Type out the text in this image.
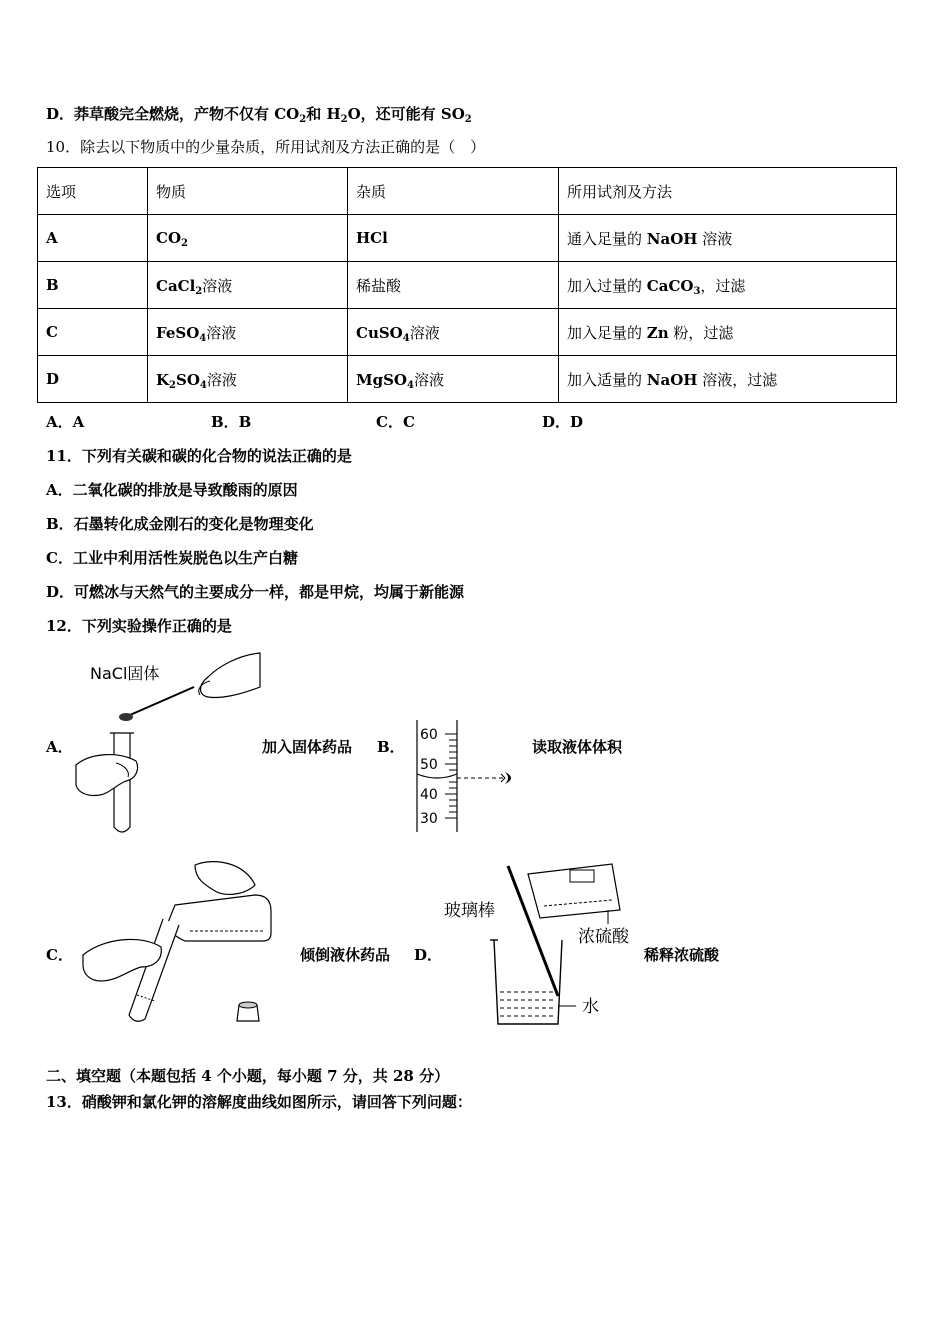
D．莽草酸完全燃烧，产物不仅有 $CO_2$和 $H_2O$，还可能有 $SO_2$
10．除去以下物质中的少量杂质，所用试剂及方法正确的是（　）
选项	物质	杂质	所用试剂及方法
A	$CO_2$	HCl	通入足量的 NaOH 溶液
B	CaCl$_2$溶液	稀盐酸	加入过量的 CaCO$_3$，过滤
C	FeSO$_4$溶液	CuSO$_4$溶液	加入足量的 Zn 粉，过滤
D	$K_2SO_4$溶液	MgSO$_4$溶液	加入适量的 NaOH 溶液，过滤
A．A	B．B	C．C	D．D
11．下列有关碳和碳的化合物的说法正确的是
A．二氧化碳的排放是导致酸雨的原因
B．石墨转化成金刚石的变化是物理变化
C．工业中利用活性炭脱色以生产白糖
D．可燃冰与天然气的主要成分一样，都是甲烷，均属于新能源
12．下列实验操作正确的是
A．
NaCl固体
加入固体药品 B．
60
50
40
30
读取液体体积
C．	倾倒液休药品 D．
玻璃棒
浓硫酸
水
稀释浓硫酸
二、填空题（本题包括 4 个小题，每小题 7 分，共 28 分）
13．硝酸钾和氯化钾的溶解度曲线如图所示，请回答下列问题：
